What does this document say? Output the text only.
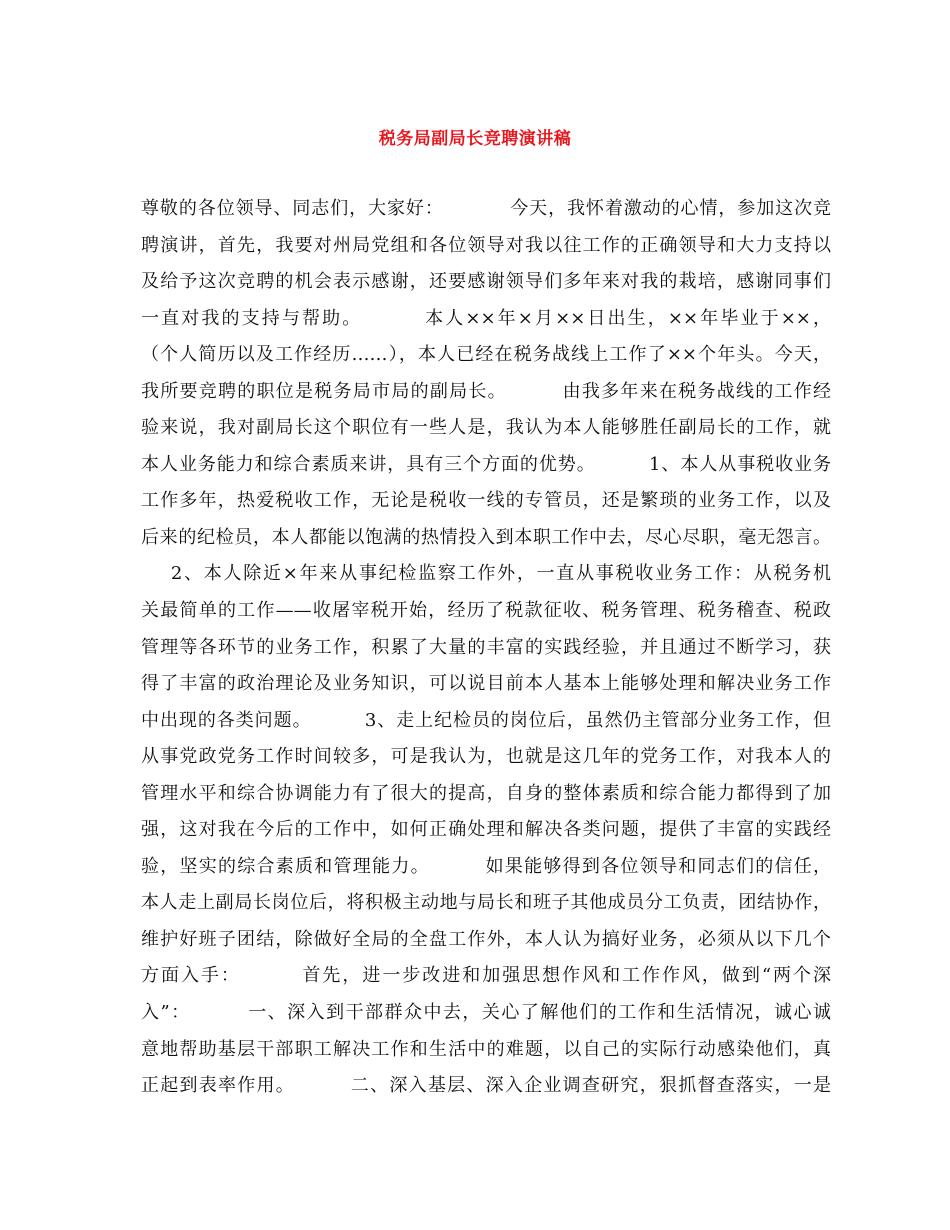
税务局副局长竞聘演讲稿
尊敬的各位领导、同志们，大家好：          今天，我怀着激动的心情，参加这次竞
聘演讲，首先，我要对州局党组和各位领导对我以往工作的正确领导和大力支持以
及给予这次竞聘的机会表示感谢，还要感谢领导们多年来对我的栽培，感谢同事们
一直对我的支持与帮助。        本人××年×月××日出生，××年毕业于××，
（个人简历以及工作经历……），本人已经在税务战线上工作了××个年头。今天，
我所要竞聘的职位是税务局市局的副局长。        由我多年来在税务战线的工作经
验来说，我对副局长这个职位有一些人是，我认为本人能够胜任副局长的工作，就
本人业务能力和综合素质来讲，具有三个方面的优势。        1、本人从事税收业务
工作多年，热爱税收工作，无论是税收一线的专管员，还是繁琐的业务工作，以及
后来的纪检员，本人都能以饱满的热情投入到本职工作中去，尽心尽职，毫无怨言。
2、本人除近×年来从事纪检监察工作外，一直从事税收业务工作：从税务机
关最简单的工作——收屠宰税开始，经历了税款征收、税务管理、税务稽查、税政
管理等各环节的业务工作，积累了大量的丰富的实践经验，并且通过不断学习，获
得了丰富的政治理论及业务知识，可以说目前本人基本上能够处理和解决业务工作
中出现的各类问题。        3、走上纪检员的岗位后，虽然仍主管部分业务工作，但
从事党政党务工作时间较多，可是我认为，也就是这几年的党务工作，对我本人的
管理水平和综合协调能力有了很大的提高，自身的整体素质和综合能力都得到了加
强，这对我在今后的工作中，如何正确处理和解决各类问题，提供了丰富的实践经
验，坚实的综合素质和管理能力。        如果能够得到各位领导和同志们的信任，
本人走上副局长岗位后，将积极主动地与局长和班子其他成员分工负责，团结协作，
维护好班子团结，除做好全局的全盘工作外，本人认为搞好业务，必须从以下几个
方面入手：        首先，进一步改进和加强思想作风和工作作风，做到“两个深
入”：        一、深入到干部群众中去，关心了解他们的工作和生活情况，诚心诚
意地帮助基层干部职工解决工作和生活中的难题，以自己的实际行动感染他们，真
正起到表率作用。        二、深入基层、深入企业调查研究，狠抓督查落实，一是
